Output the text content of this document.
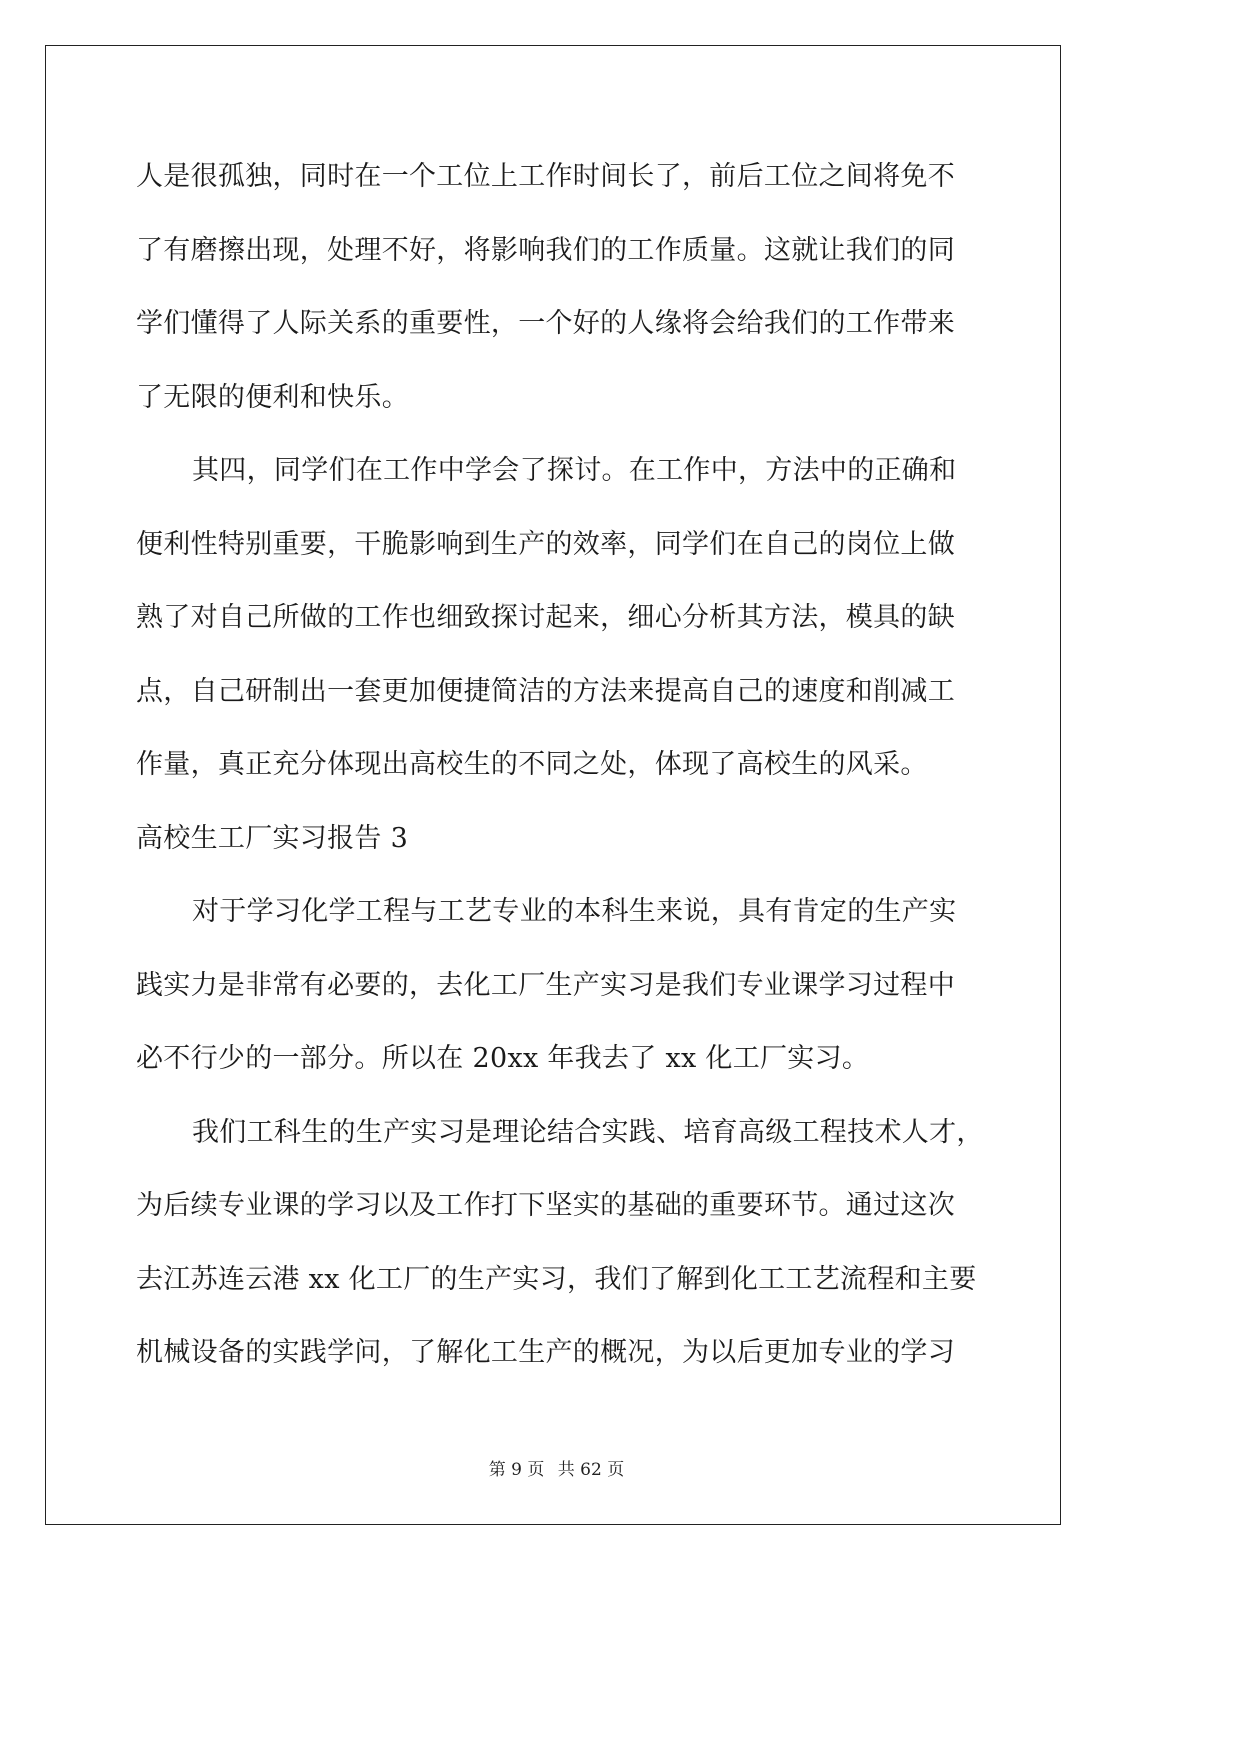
人是很孤独，同时在一个工位上工作时间长了，前后工位之间将免不
了有磨擦出现，处理不好，将影响我们的工作质量。这就让我们的同
学们懂得了人际关系的重要性，一个好的人缘将会给我们的工作带来
了无限的便利和快乐。
其四，同学们在工作中学会了探讨。在工作中，方法中的正确和
便利性特别重要，干脆影响到生产的效率，同学们在自己的岗位上做
熟了对自己所做的工作也细致探讨起来，细心分析其方法，模具的缺
点，自己研制出一套更加便捷简洁的方法来提高自己的速度和削减工
作量，真正充分体现出高校生的不同之处，体现了高校生的风采。
高校生工厂实习报告 3
对于学习化学工程与工艺专业的本科生来说，具有肯定的生产实
践实力是非常有必要的，去化工厂生产实习是我们专业课学习过程中
必不行少的一部分。所以在 20xx 年我去了 xx 化工厂实习。
我们工科生的生产实习是理论结合实践、培育高级工程技术人才，
为后续专业课的学习以及工作打下坚实的基础的重要环节。通过这次
去江苏连云港 xx 化工厂的生产实习，我们了解到化工工艺流程和主要
机械设备的实践学问，了解化工生产的概况，为以后更加专业的学习
第 9 页 共 62 页
